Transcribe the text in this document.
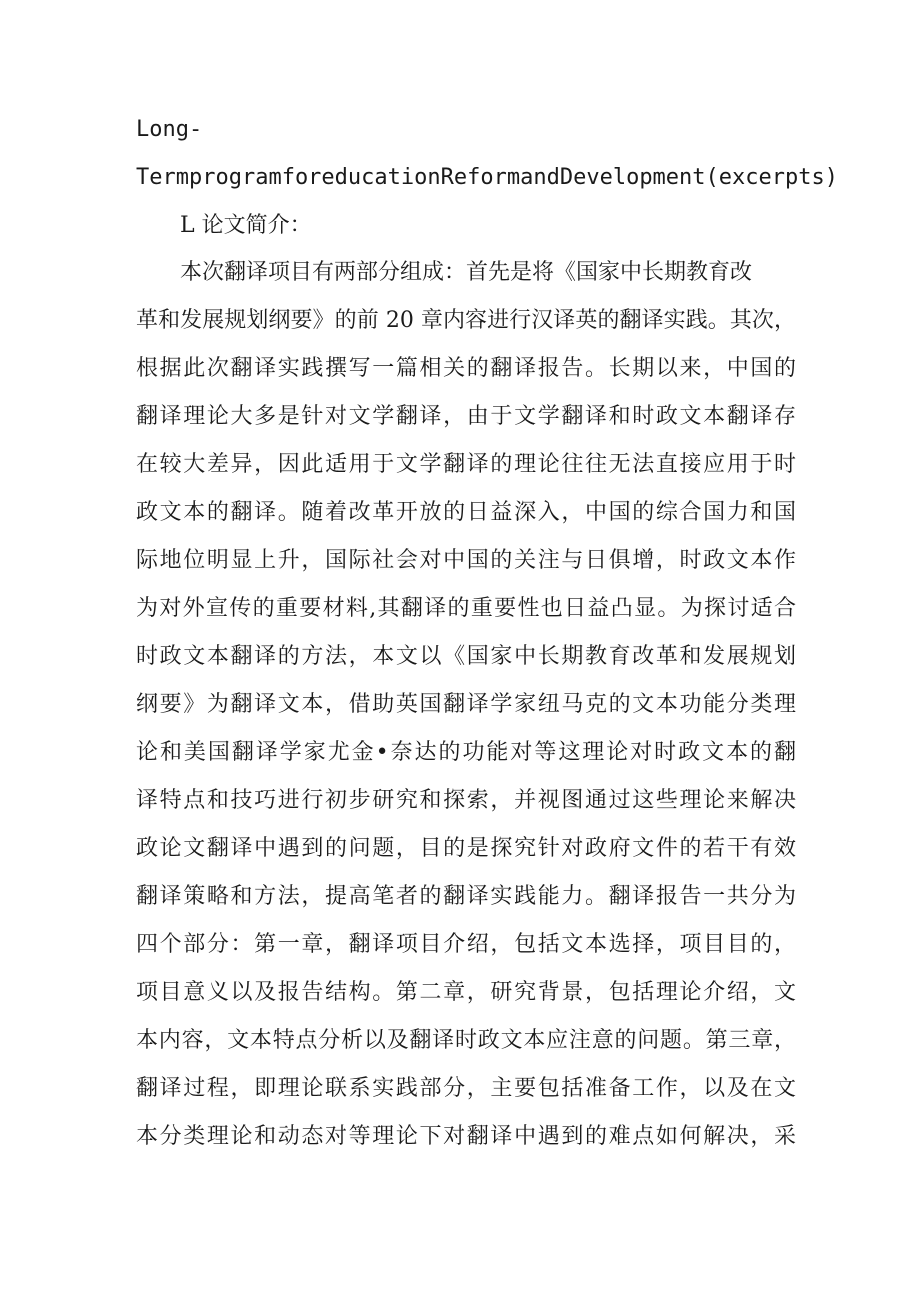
Long-
TermprogramforeducationReformandDevelopment(excerpts)
L 论文简介：
本次翻译项目有两部分组成：首先是将《国家中长期教育改
革和发展规划纲要》的前 20 章内容进行汉译英的翻译实践。其次，
根据此次翻译实践撰写一篇相关的翻译报告。长期以来，中国的
翻译理论大多是针对文学翻译，由于文学翻译和时政文本翻译存
在较大差异，因此适用于文学翻译的理论往往无法直接应用于时
政文本的翻译。随着改革开放的日益深入，中国的综合国力和国
际地位明显上升，国际社会对中国的关注与日俱增，时政文本作
为对外宣传的重要材料,其翻译的重要性也日益凸显。为探讨适合
时政文本翻译的方法，本文以《国家中长期教育改革和发展规划
纲要》为翻译文本，借助英国翻译学家纽马克的文本功能分类理
论和美国翻译学家尤金•奈达的功能对等这理论对时政文本的翻
译特点和技巧进行初步研究和探索，并视图通过这些理论来解决
政论文翻译中遇到的问题，目的是探究针对政府文件的若干有效
翻译策略和方法，提高笔者的翻译实践能力。翻译报告一共分为
四个部分：第一章，翻译项目介绍，包括文本选择，项目目的，
项目意义以及报告结构。第二章，研究背景，包括理论介绍，文
本内容，文本特点分析以及翻译时政文本应注意的问题。第三章，
翻译过程，即理论联系实践部分，主要包括准备工作，以及在文
本分类理论和动态对等理论下对翻译中遇到的难点如何解决，采
